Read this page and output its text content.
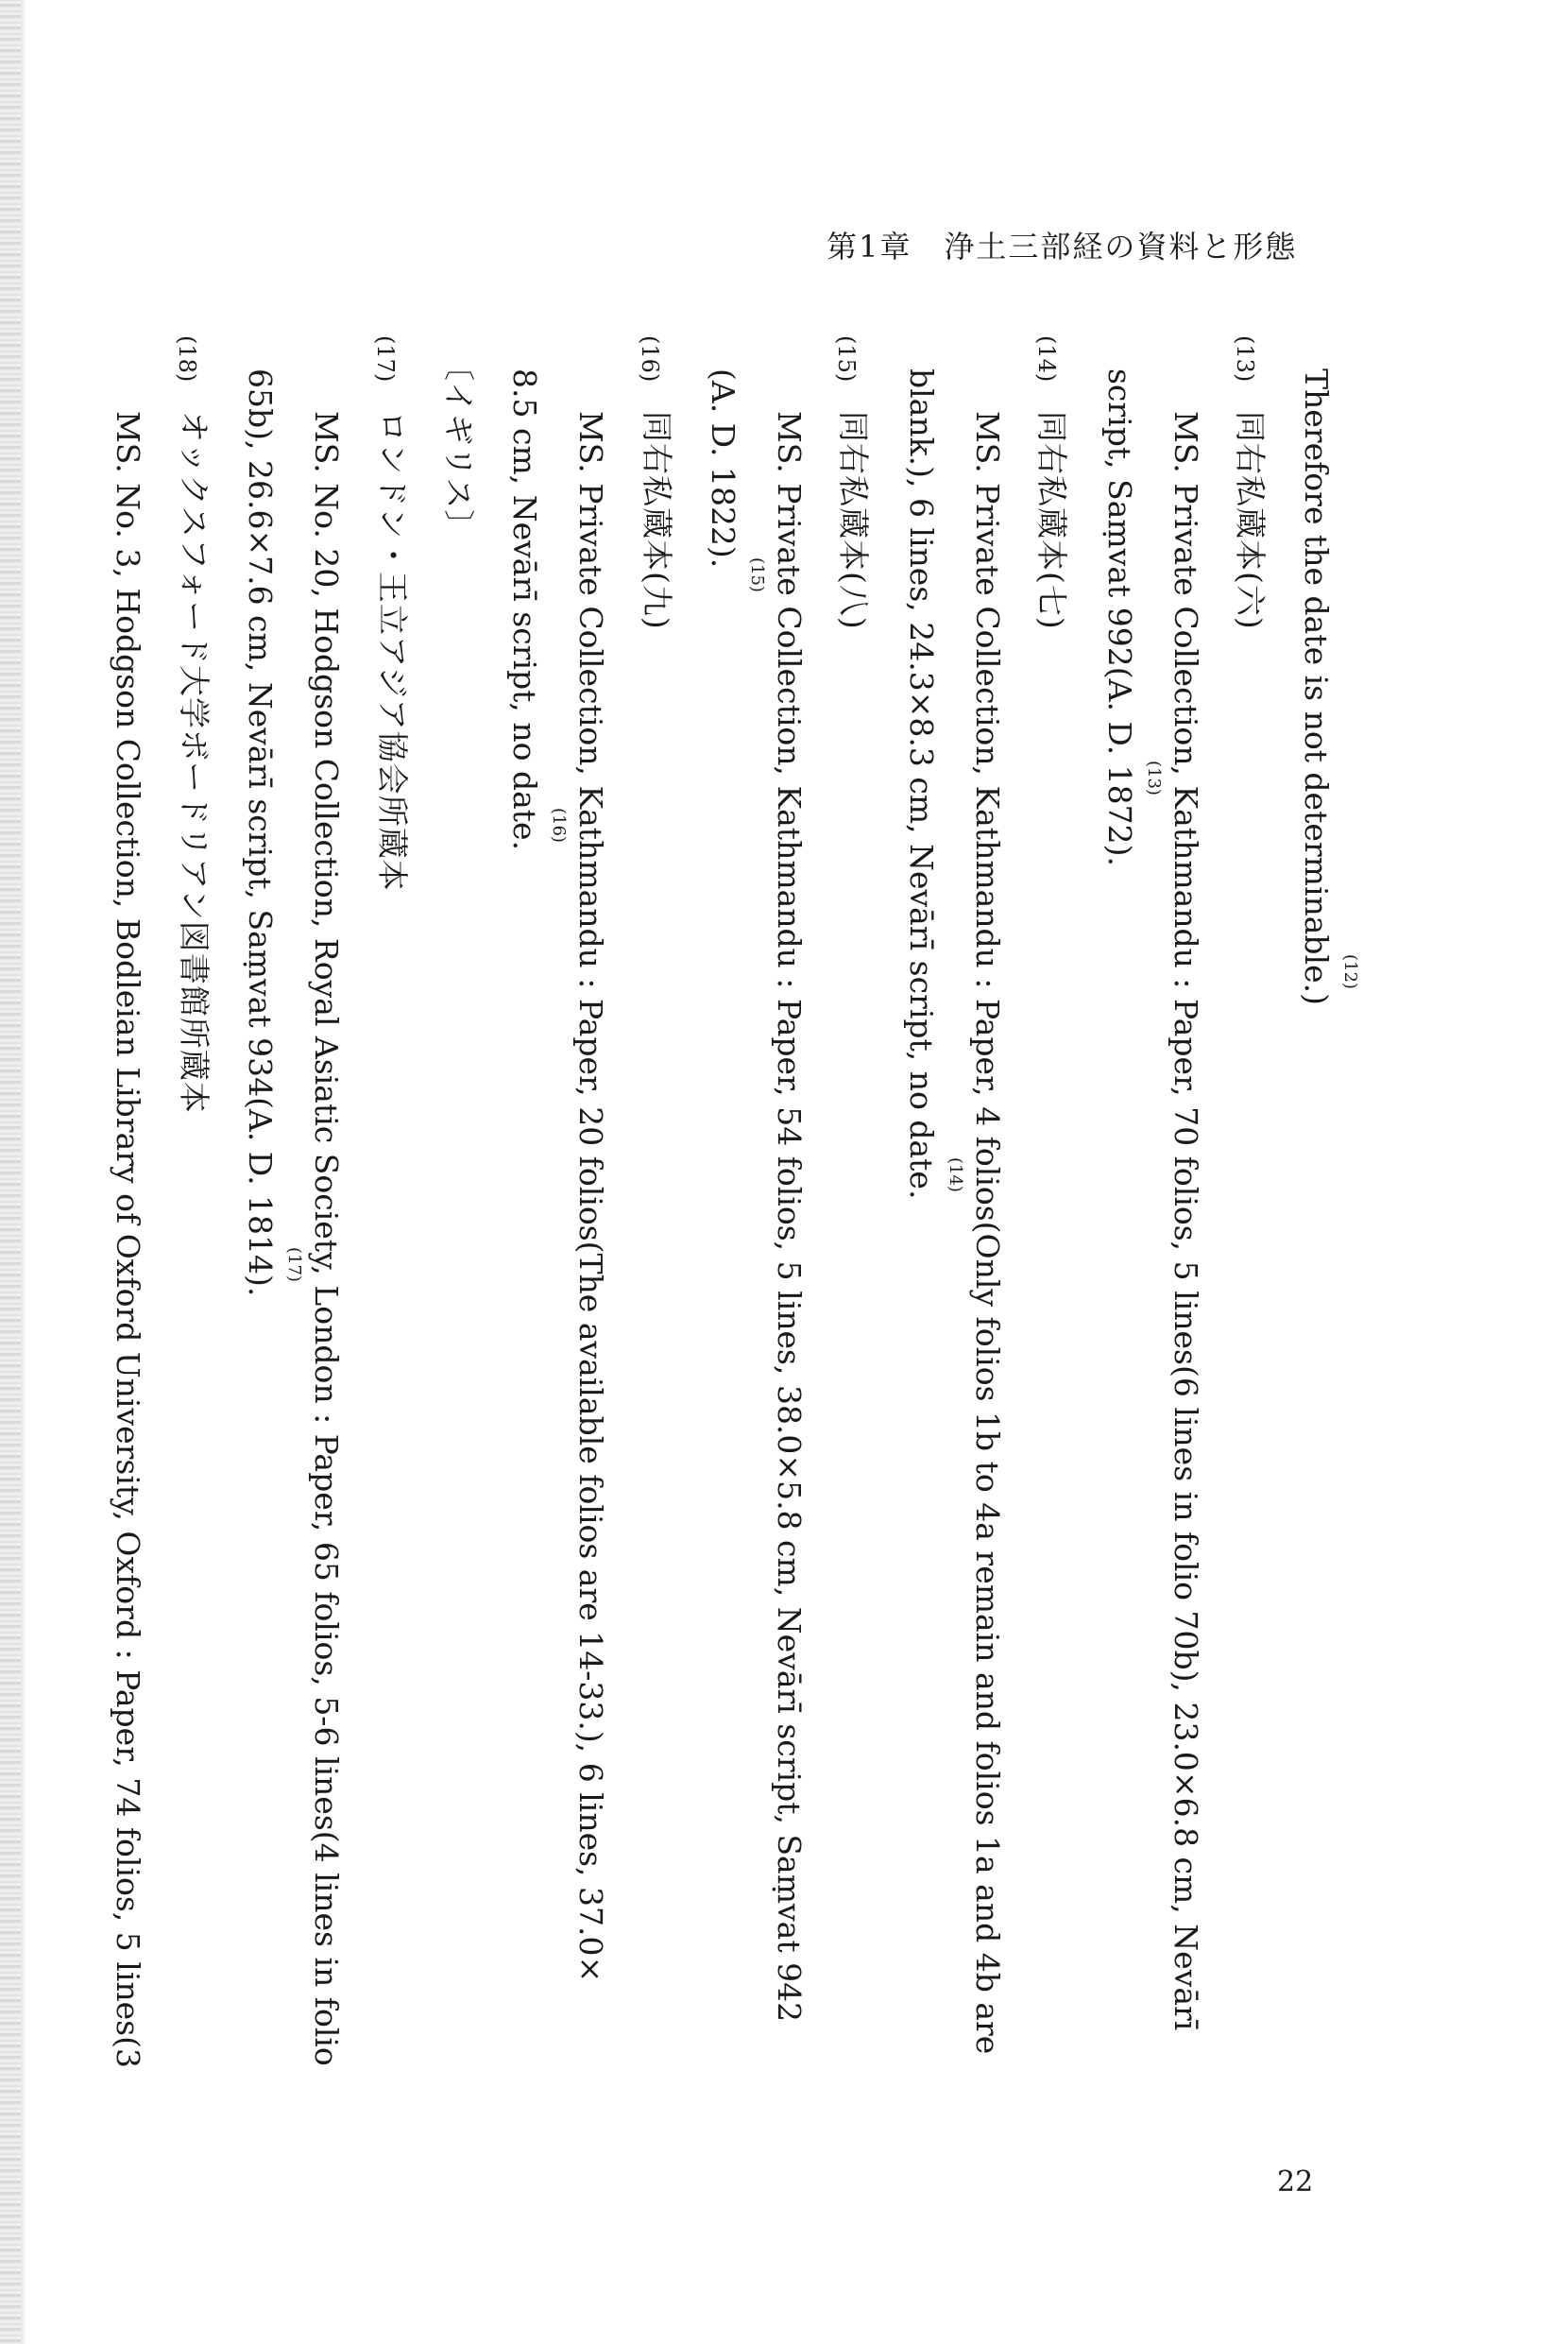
第1章　浄土三部経の資料と形態
22
(13)
(14)
(15)
(16)
(17)
(18)
Therefore the date is not determinable.)
同右私蔵本(六)
MS. Private Collection, Kathmandu : Paper, 70 folios, 5 lines(6 lines in folio 70b), 23.0×6.8 cm, Nevārī
script, Saṃvat 992(A. D. 1872).
同右私蔵本(七)
MS. Private Collection, Kathmandu : Paper, 4 folios(Only folios 1b to 4a remain and folios 1a and 4b are
blank.), 6 lines, 24.3×8.3 cm, Nevārī script, no date.
同右私蔵本(八)
MS. Private Collection, Kathmandu : Paper, 54 folios, 5 lines, 38.0×5.8 cm, Nevārī script, Saṃvat 942
(A. D. 1822).
同右私蔵本(九)
MS. Private Collection, Kathmandu : Paper, 20 folios(The available folios are 14-33.), 6 lines, 37.0×
8.5 cm, Nevārī script, no date.
〔イギリス〕
ロンドン・王立アジア協会所蔵本
MS. No. 20, Hodgson Collection, Royal Asiatic Society, London : Paper, 65 folios, 5-6 lines(4 lines in folio
65b), 26.6×7.6 cm, Nevārī script, Saṃvat 934(A. D. 1814).
オックスフォード大学ボードリアン図書館所蔵本
MS. No. 3, Hodgson Collection, Bodleian Library of Oxford University, Oxford : Paper, 74 folios, 5 lines(3	(12)
(13)
(14)
(15)
(16)
(17)
